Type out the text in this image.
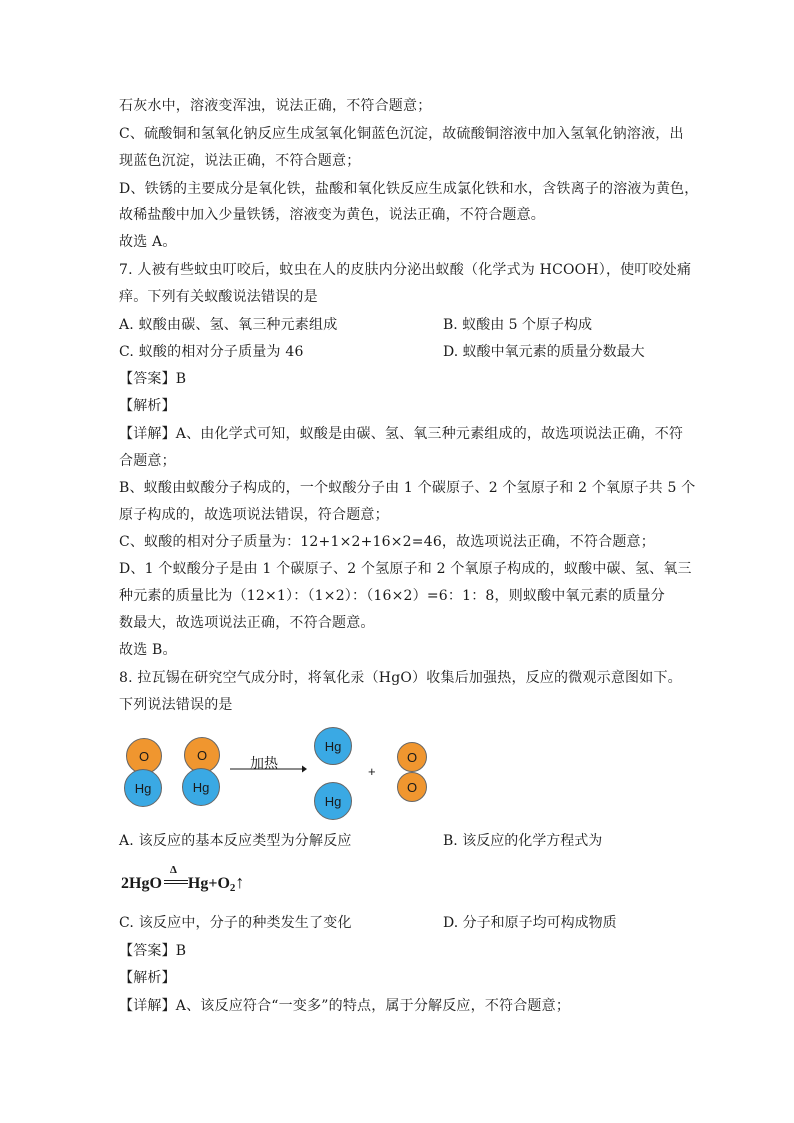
石灰水中，溶液变浑浊，说法正确，不符合题意；
C、硫酸铜和氢氧化钠反应生成氢氧化铜蓝色沉淀，故硫酸铜溶液中加入氢氧化钠溶液，出
现蓝色沉淀，说法正确，不符合题意；
D、铁锈的主要成分是氧化铁，盐酸和氧化铁反应生成氯化铁和水，含铁离子的溶液为黄色，
故稀盐酸中加入少量铁锈，溶液变为黄色，说法正确，不符合题意。
故选 A。
7. 人被有些蚊虫叮咬后，蚊虫在人的皮肤内分泌出蚁酸（化学式为 HCOOH），使叮咬处痛
痒。下列有关蚁酸说法错误的是
A. 蚁酸由碳、氢、氧三种元素组成	B. 蚁酸由 5 个原子构成
C. 蚁酸的相对分子质量为 46	D. 蚁酸中氧元素的质量分数最大
【答案】B
【解析】
【详解】A、由化学式可知，蚁酸是由碳、氢、氧三种元素组成的，故选项说法正确，不符
合题意；
B、蚁酸由蚁酸分子构成的，一个蚁酸分子由 1 个碳原子、2 个氢原子和 2 个氧原子共 5 个
原子构成的，故选项说法错误，符合题意；
C、蚁酸的相对分子质量为：12+1×2+16×2=46，故选项说法正确，不符合题意；
D、1 个蚁酸分子是由 1 个碳原子、2 个氢原子和 2 个氧原子构成的，蚁酸中碳、氢、氧三
种元素的质量比为（12×1）：（1×2）：（16×2）=6：1：8，则蚁酸中氧元素的质量分
数最大，故选项说法正确，不符合题意。
故选 B。
8. 拉瓦锡在研究空气成分时，将氧化汞（HgO）收集后加强热，反应的微观示意图如下。
下列说法错误的是
O
Hg
O
Hg
加热
Hg
Hg
+
O
O
A. 该反应的基本反应类型为分解反应	B. 该反应的化学方程式为
Δ
2HgO $Hg+O_2↑$
C. 该反应中，分子的种类发生了变化	D. 分子和原子均可构成物质
【答案】B
【解析】
【详解】A、该反应符合“一变多”的特点，属于分解反应，不符合题意；
